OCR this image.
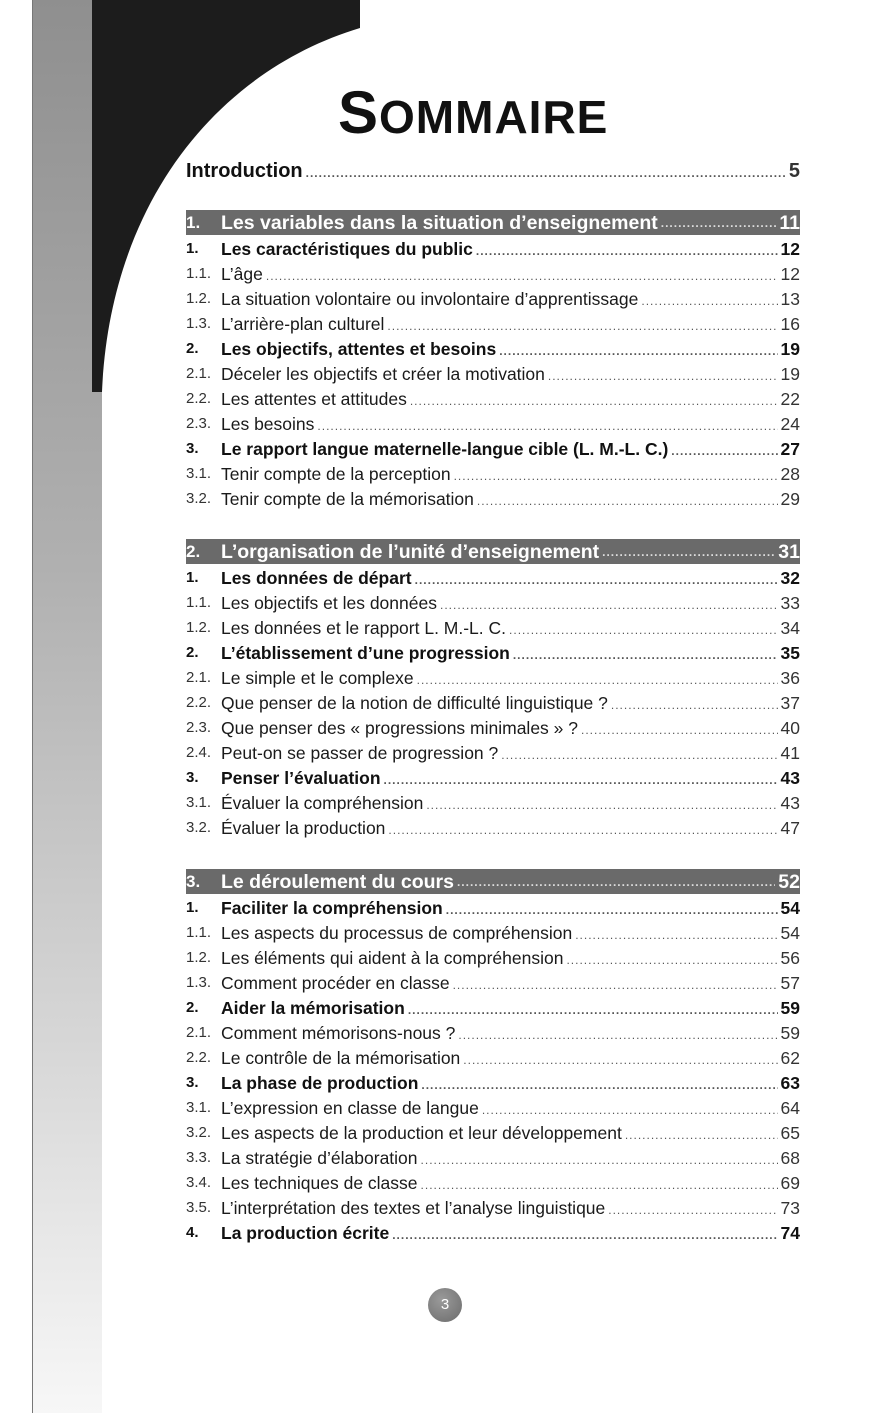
SOMMAIRE
Introduction .....	5
1.	Les variables dans la situation d’enseignement .....	11
1.	Les caractéristiques du public .....	12
1.1. L’âge .....	12
1.2. La situation volontaire ou involontaire d’apprentissage .....	13
1.3. L’arrière-plan culturel .....	16
2.	Les objectifs, attentes et besoins .....	19
2.1. Déceler les objectifs et créer la motivation .....	19
2.2. Les attentes et attitudes .....	22
2.3. Les besoins .....	24
3.	Le rapport langue maternelle-langue cible (L. M.-L. C.) .....	27
3.1. Tenir compte de la perception .....	28
3.2. Tenir compte de la mémorisation .....	29
2.	L’organisation de l’unité d’enseignement .....	31
1.	Les données de départ .....	32
1.1. Les objectifs et les données .....	33
1.2. Les données et le rapport L. M.-L. C. .....	34
2.	L’établissement d’une progression .....	35
2.1. Le simple et le complexe .....	36
2.2. Que penser de la notion de difficulté linguistique ? .....	37
2.3. Que penser des « progressions minimales » ? .....	40
2.4. Peut-on se passer de progression ? .....	41
3.	Penser l’évaluation .....	43
3.1. Évaluer la compréhension .....	43
3.2. Évaluer la production .....	47
3.	Le déroulement du cours .....	52
1.	Faciliter la compréhension .....	54
1.1. Les aspects du processus de compréhension .....	54
1.2. Les éléments qui aident à la compréhension .....	56
1.3. Comment procéder en classe .....	57
2.	Aider la mémorisation .....	59
2.1. Comment mémorisons-nous ? .....	59
2.2. Le contrôle de la mémorisation .....	62
3.	La phase de production .....	63
3.1. L’expression en classe de langue .....	64
3.2. Les aspects de la production et leur développement .....	65
3.3. La stratégie d’élaboration .....	68
3.4. Les techniques de classe .....	69
3.5. L’interprétation des textes et l’analyse linguistique .....	73
4.	La production écrite .....	74
3
